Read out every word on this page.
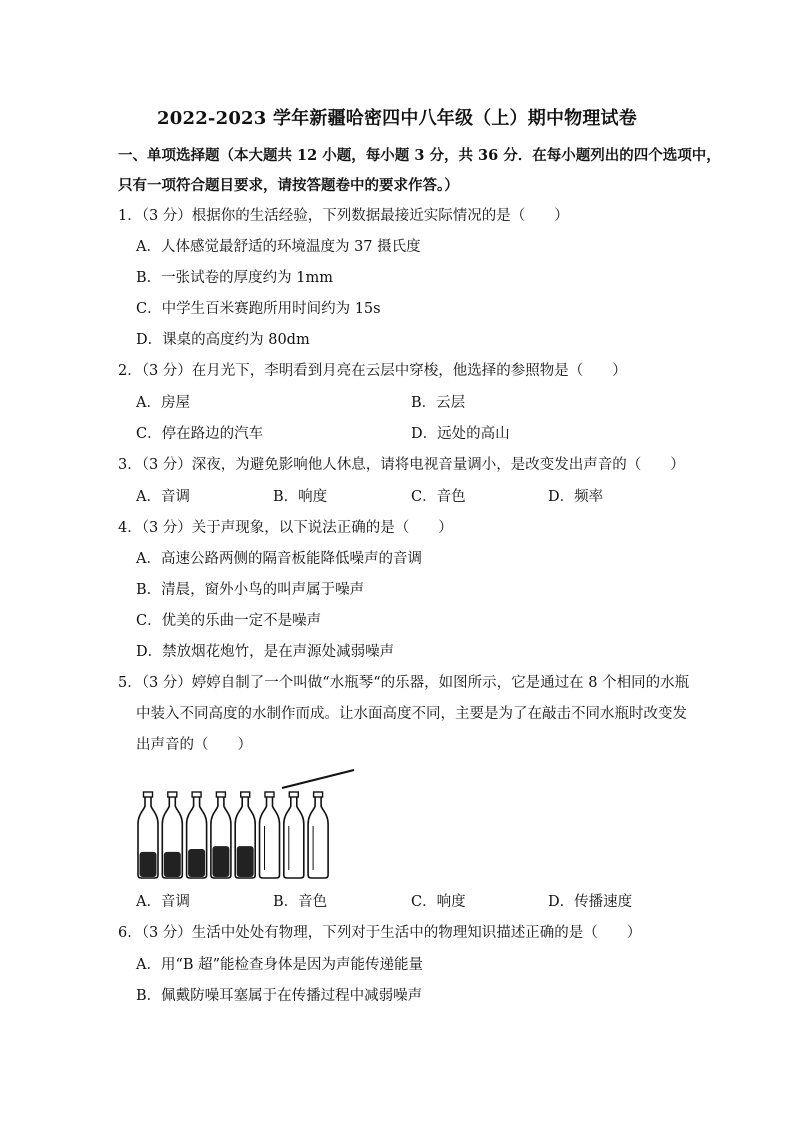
2022-2023 学年新疆哈密四中八年级（上）期中物理试卷
一、单项选择题（本大题共 12 小题，每小题 3 分，共 36 分．在每小题列出的四个选项中，
只有一项符合题目要求，请按答题卷中的要求作答。）
1．（3 分）根据你的生活经验，下列数据最接近实际情况的是（　　）
A．人体感觉最舒适的环境温度为 37 摄氏度
B．一张试卷的厚度约为 1mm
C．中学生百米赛跑所用时间约为 15s
D．课桌的高度约为 80dm
2．（3 分）在月光下，李明看到月亮在云层中穿梭，他选择的参照物是（　　）
A．房屋	B．云层
C．停在路边的汽车	D．远处的高山
3．（3 分）深夜，为避免影响他人休息，请将电视音量调小，是改变发出声音的（　　）
A．音调	B．响度	C．音色	D．频率
4．（3 分）关于声现象，以下说法正确的是（　　）
A．高速公路两侧的隔音板能降低噪声的音调
B．清晨，窗外小鸟的叫声属于噪声
C．优美的乐曲一定不是噪声
D．禁放烟花炮竹，是在声源处减弱噪声
5．（3 分）婷婷自制了一个叫做“水瓶琴“的乐器，如图所示，它是通过在 8 个相同的水瓶
中装入不同高度的水制作而成。让水面高度不同，主要是为了在敲击不同水瓶时改变发
出声音的（　　）
A．音调	B．音色	C．响度	D．传播速度
6．（3 分）生活中处处有物理，下列对于生活中的物理知识描述正确的是（　　）
A．用“B 超”能检查身体是因为声能传递能量
B．佩戴防噪耳塞属于在传播过程中减弱噪声
